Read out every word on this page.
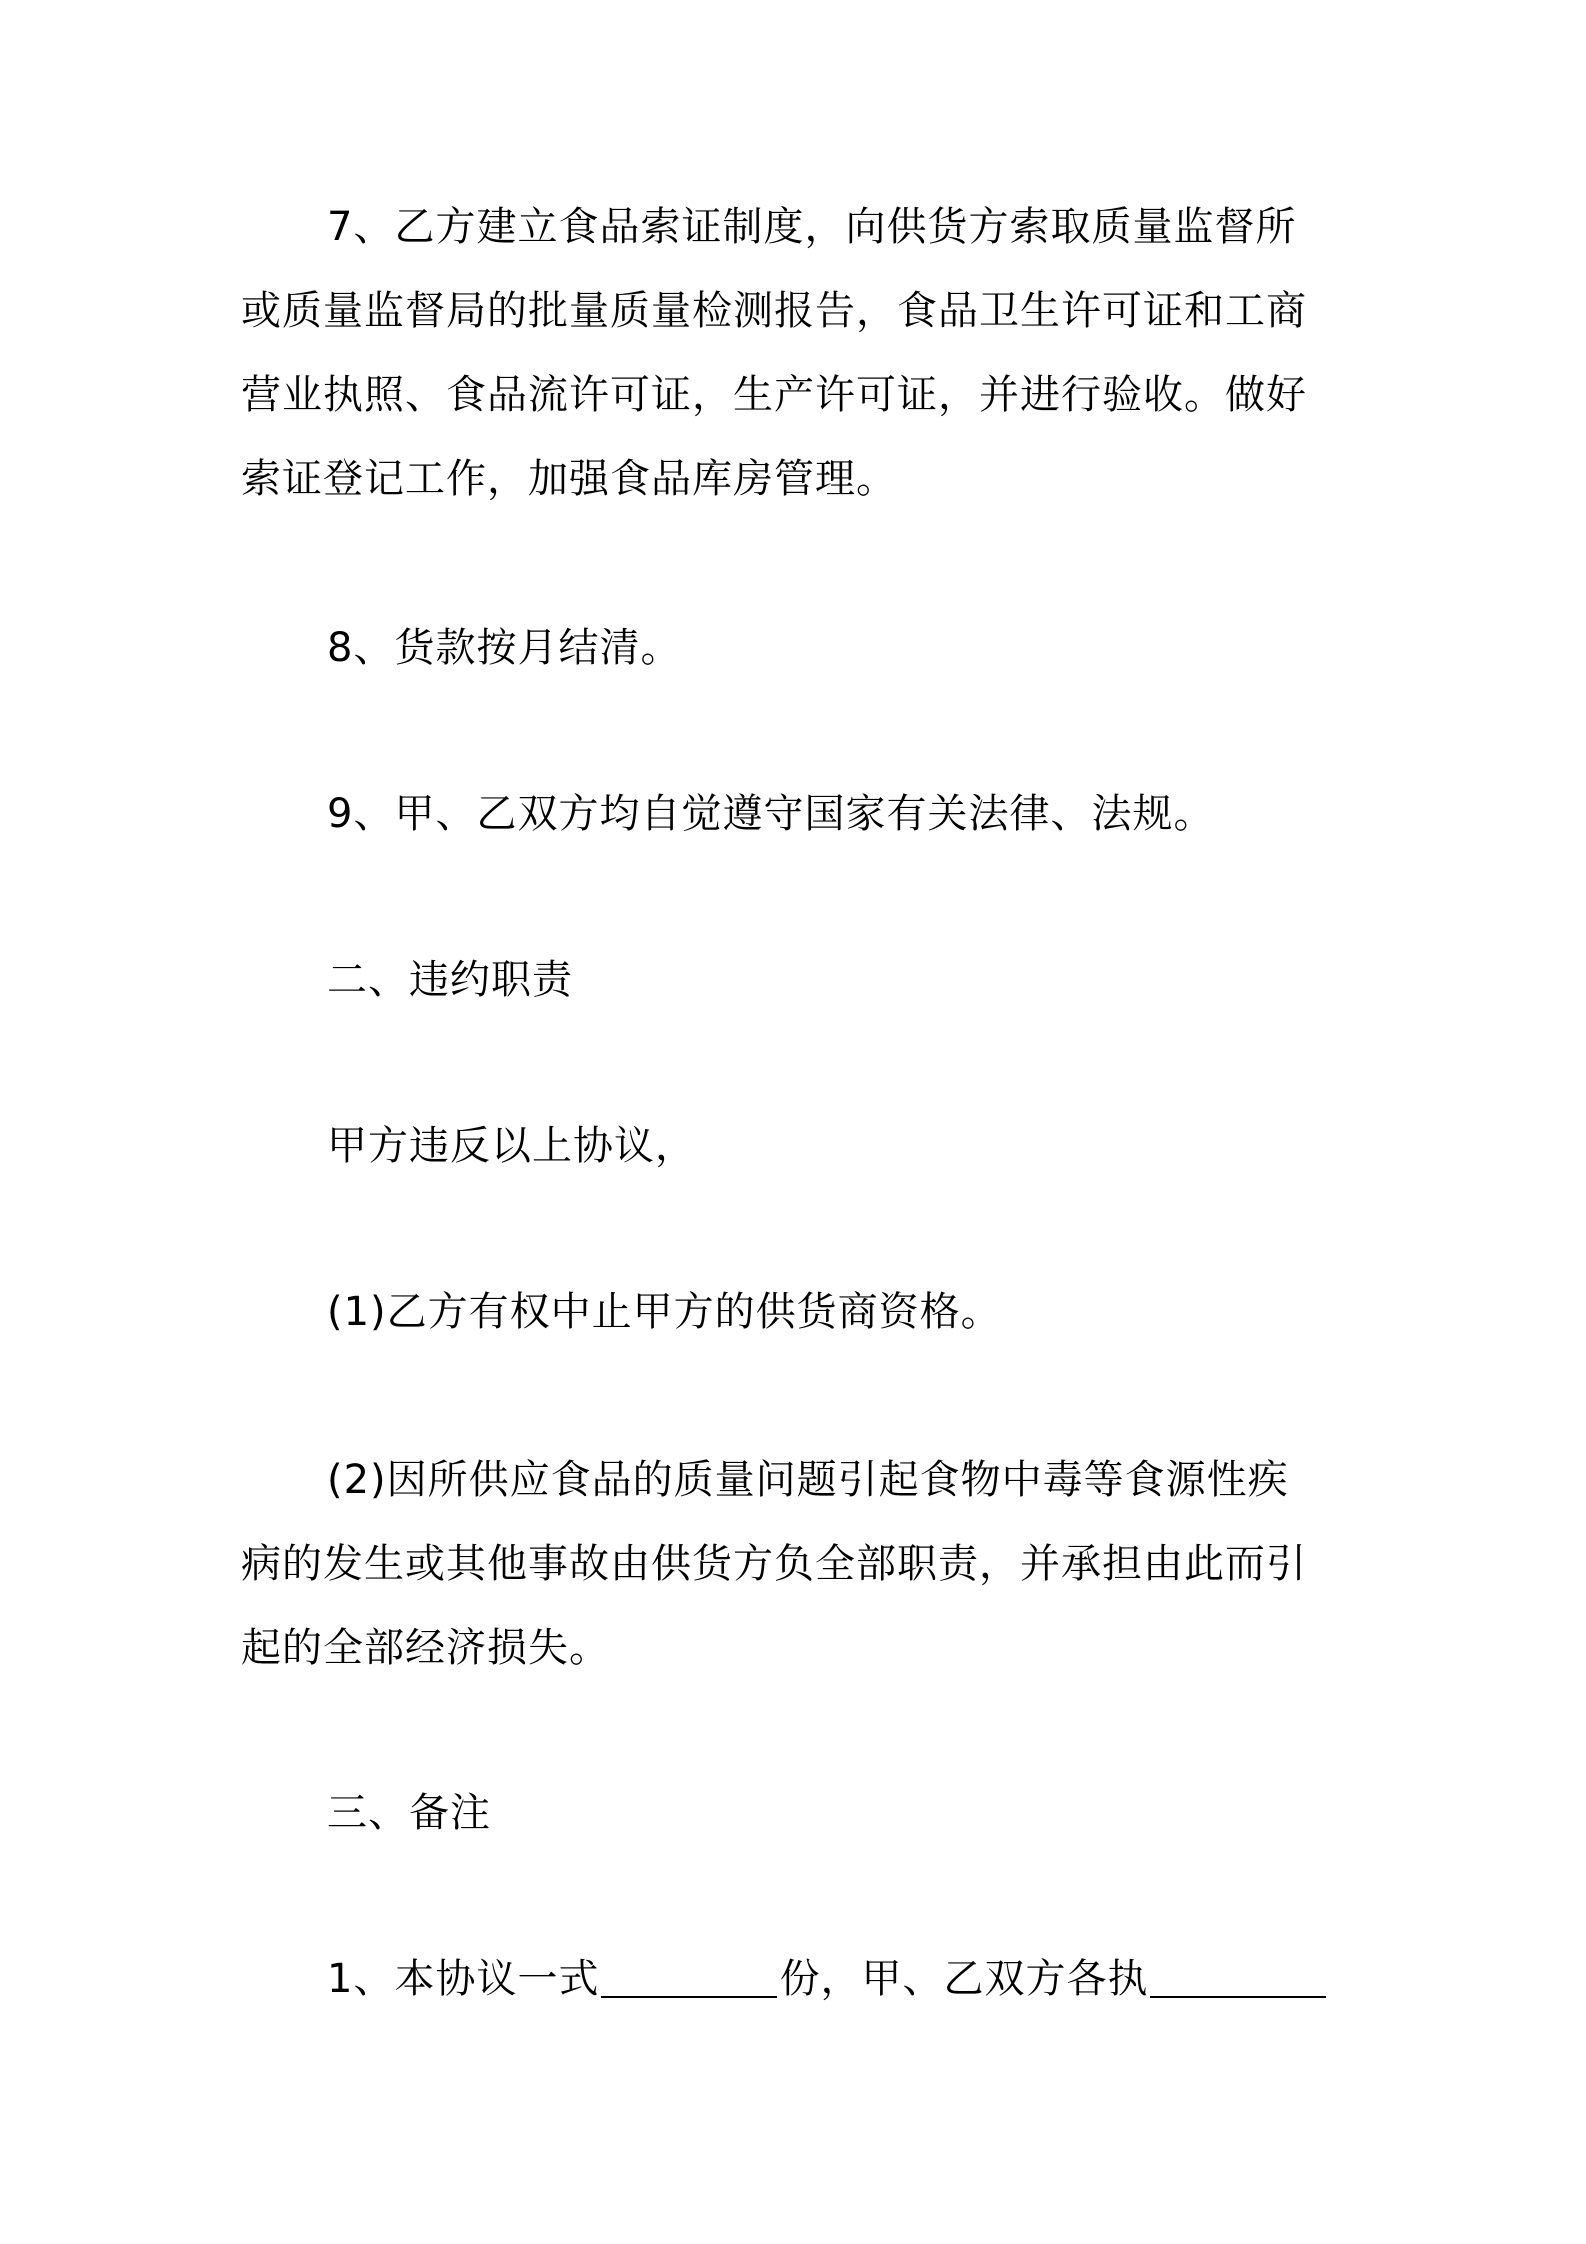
7、乙方建立食品索证制度，向供货方索取质量监督所
或质量监督局的批量质量检测报告，食品卫生许可证和工商
营业执照、食品流许可证，生产许可证，并进行验收。做好
索证登记工作，加强食品库房管理。
8、货款按月结清。
9、甲、乙双方均自觉遵守国家有关法律、法规。
二、违约职责
甲方违反以上协议，
(1)乙方有权中止甲方的供货商资格。
(2)因所供应食品的质量问题引起食物中毒等食源性疾
病的发生或其他事故由供货方负全部职责，并承担由此而引
起的全部经济损失。
三、备注
1、本协议一式	份，甲、乙双方各执
